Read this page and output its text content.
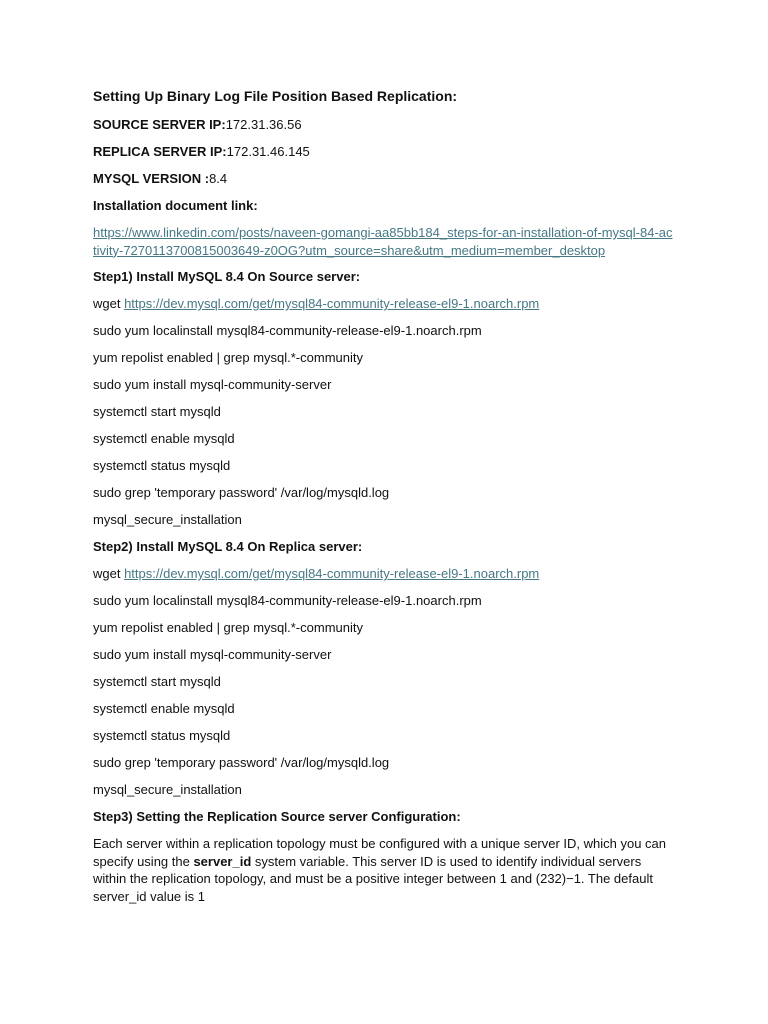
Setting Up Binary Log File Position Based Replication:
SOURCE SERVER IP:172.31.36.56
REPLICA SERVER IP:172.31.46.145
MYSQL VERSION :8.4
Installation document link:
https://www.linkedin.com/posts/naveen-gomangi-aa85bb184_steps-for-an-installation-of-mysql-84-activity-7270113700815003649-z0OG?utm_source=share&utm_medium=member_desktop
Step1) Install MySQL 8.4 On Source server:
wget https://dev.mysql.com/get/mysql84-community-release-el9-1.noarch.rpm
sudo yum localinstall mysql84-community-release-el9-1.noarch.rpm
yum repolist enabled | grep mysql.*-community
sudo yum install mysql-community-server
systemctl start mysqld
systemctl enable mysqld
systemctl status mysqld
sudo grep 'temporary password' /var/log/mysqld.log
mysql_secure_installation
Step2) Install MySQL 8.4 On Replica server:
wget https://dev.mysql.com/get/mysql84-community-release-el9-1.noarch.rpm
sudo yum localinstall mysql84-community-release-el9-1.noarch.rpm
yum repolist enabled | grep mysql.*-community
sudo yum install mysql-community-server
systemctl start mysqld
systemctl enable mysqld
systemctl status mysqld
sudo grep 'temporary password' /var/log/mysqld.log
mysql_secure_installation
Step3) Setting the Replication Source server Configuration:

Each server within a replication topology must be configured with a unique server ID, which you can specify using the server_id system variable. This server ID is used to identify individual servers within the replication topology, and must be a positive integer between 1 and (232)−1. The default server_id value is 1
